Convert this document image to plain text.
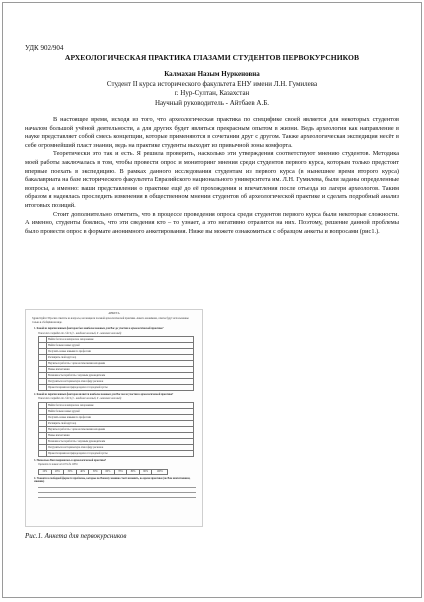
УДК 902/904
АРХЕОЛОГИЧЕСКАЯ ПРАКТИКА ГЛАЗАМИ СТУДЕНТОВ ПЕРВОКУРСНИКОВ
Калмахан Назым Нуркеновна
Студент II курса исторического факультета ЕНУ имени Л.Н. Гумилева
г. Нур-Султан, Казахстан
Научный руководитель - Айтбаев А.Б.

В настоящее время, исходя из того, что археологическая практика по специфике своей является для некоторых студентов началом большой учёной деятельности, а для других будет являться прекрасным опытом в жизни. Ведь археология как направление в науке представляет собой смесь концепции, которые применяются в сочетании друг с другом. Также археологическая экспедиция несёт в себе огромнейший пласт знании, ведь на практике студенты выходят из привычной зоны комфорта.

Теоретически это так и есть. Я решила проверить, насколько эти утверждения соответствуют мнению студентов. Методика моей работы заключалась в том, чтобы провести опрос и мониторинг мнения среди студентов первого курса, которым только предстоит впервые поехать в экспедицию. В рамках данного исследования студентам из первого курса (в нынешнее время второго курса) бакалавриата на базе исторического факультета Евразийского национального университета им. Л.Н. Гумилева, были заданы определенные вопросы, а именно: ваши представления о практике ещё до её прохождения и впечатления после отъезда из лагеря археологов. Таким образом я надеялась проследить изменения в общественном мнении студентов об археологической практике и сделать подробный анализ итоговых позиций.

Стоит дополнительно отметить, что в процессе проведения опроса среди студентов первого курса были некоторые сложности. А именно, студенты боялись, что эти сведения кто – то узнает, а это негативно отразится на них. Поэтому, решение данной проблемы было провести опрос в формате анонимного анкетирования. Ниже вы можете ознакомиться с образцом анкеты и вопросами (рис1.).

АНКЕТА
Здравствуйте! Просим ответить на вопросы, касающиеся полевой археологической практики. Анкета анонимная, ответы будут использованы только в обобщённом виде.
1. Какой из перечисленных факторов был наиболее важным для Вас до участия в археологической практике?
Укажите в порядке от 1 до 9 (1 - наиболее важный, 9 - наименее важный)
	Найти богатое и интересное захоронение
	Найти больше новых друзей
	Получить новые навыки по профессии
	Расширить свой кругозор
	Научиться работать с археологическими находками
	Новые впечатления
	Возможность поработать с научным руководителем
	Погрузиться в историческую атмосферу раскопок
	Провести время на природе вдали от городской суеты
2. Какой из перечисленных факторов является наиболее важным для Вас после участия в археологической практике?
Укажите в порядке от 1 до 9 (1 - наиболее важный, 9 - наименее важный)
	Найти богатое и интересное захоронение
	Найти больше новых друзей
	Получить новые навыки по профессии
	Расширить свой кругозор
	Научиться работать с археологическими находками
	Новые впечатления
	Возможность поработать с научным руководителем
	Погрузиться в историческую атмосферу раскопок
	Провести время на природе вдали от городской суеты
3. Насколько Вам понравилось в археологической практике?
Оцените по шкале от 10% до 100%
10%	20%	30%	40%	50%	60%	70%	80%	90%	100%
4. Укажите в свободной форме те проблемы, которые по Вашему мнению стоит изменить, во время практики (по Вам впечатлениям, мнению)
Рис.1. Анкета для первокурсников
